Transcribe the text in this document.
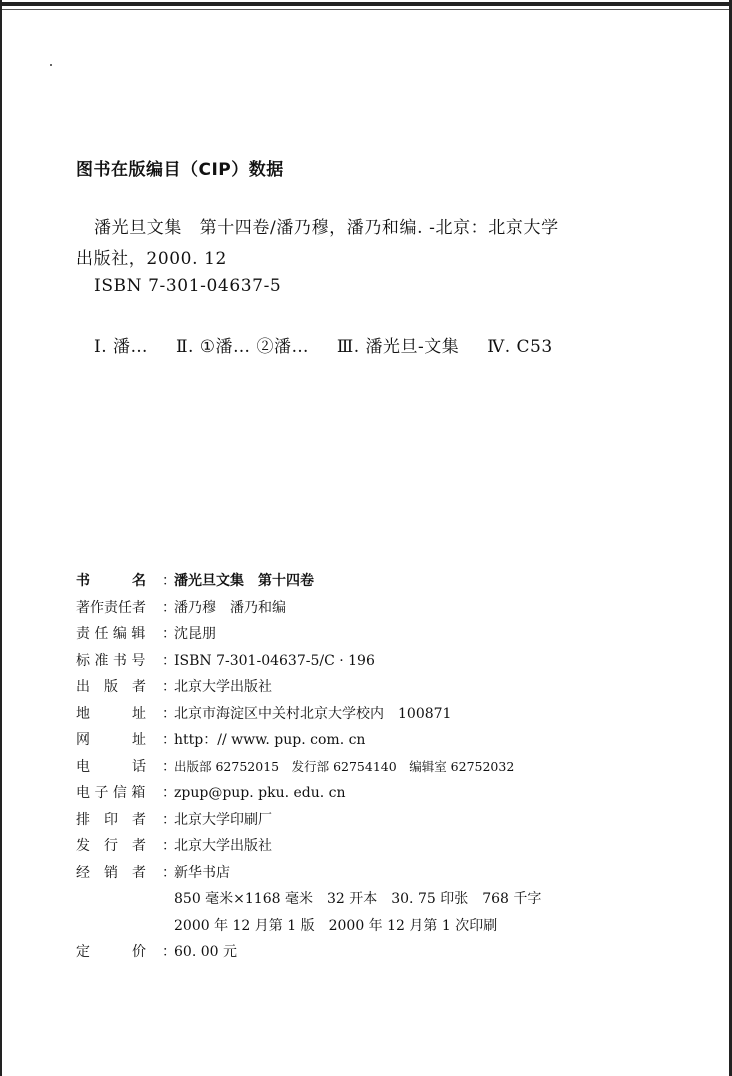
图书在版编目（CIP）数据
潘光旦文集　第十四卷/潘乃穆，潘乃和编. -北京：北京大学
出版社，2000. 12
ISBN 7-301-04637-5
Ⅰ. 潘… Ⅱ. ①潘… ②潘… Ⅲ. 潘光旦-文集 Ⅳ. C53
书　　　名	：
潘光旦文集　第十四卷
著作责任者	：
潘乃穆　潘乃和编
责 任 编 辑	：
沈昆朋
标 准 书 号	：
ISBN 7-301-04637-5/C · 196
出　版　者	：
北京大学出版社
地　　　址	：
北京市海淀区中关村北京大学校内　100871
网　　　址	：
http：// www. pup. com. cn
电　　　话	：
出版部 62752015　发行部 62754140　编辑室 62752032
电 子 信 箱	：
zpup@pup. pku. edu. cn
排　印　者	：
北京大学印刷厂
发　行　者	：
北京大学出版社
经　销　者	：
新华书店
850 毫米×1168 毫米　32 开本　30. 75 印张　768 千字
2000 年 12 月第 1 版　2000 年 12 月第 1 次印刷
定　　　价	：
60. 00 元
